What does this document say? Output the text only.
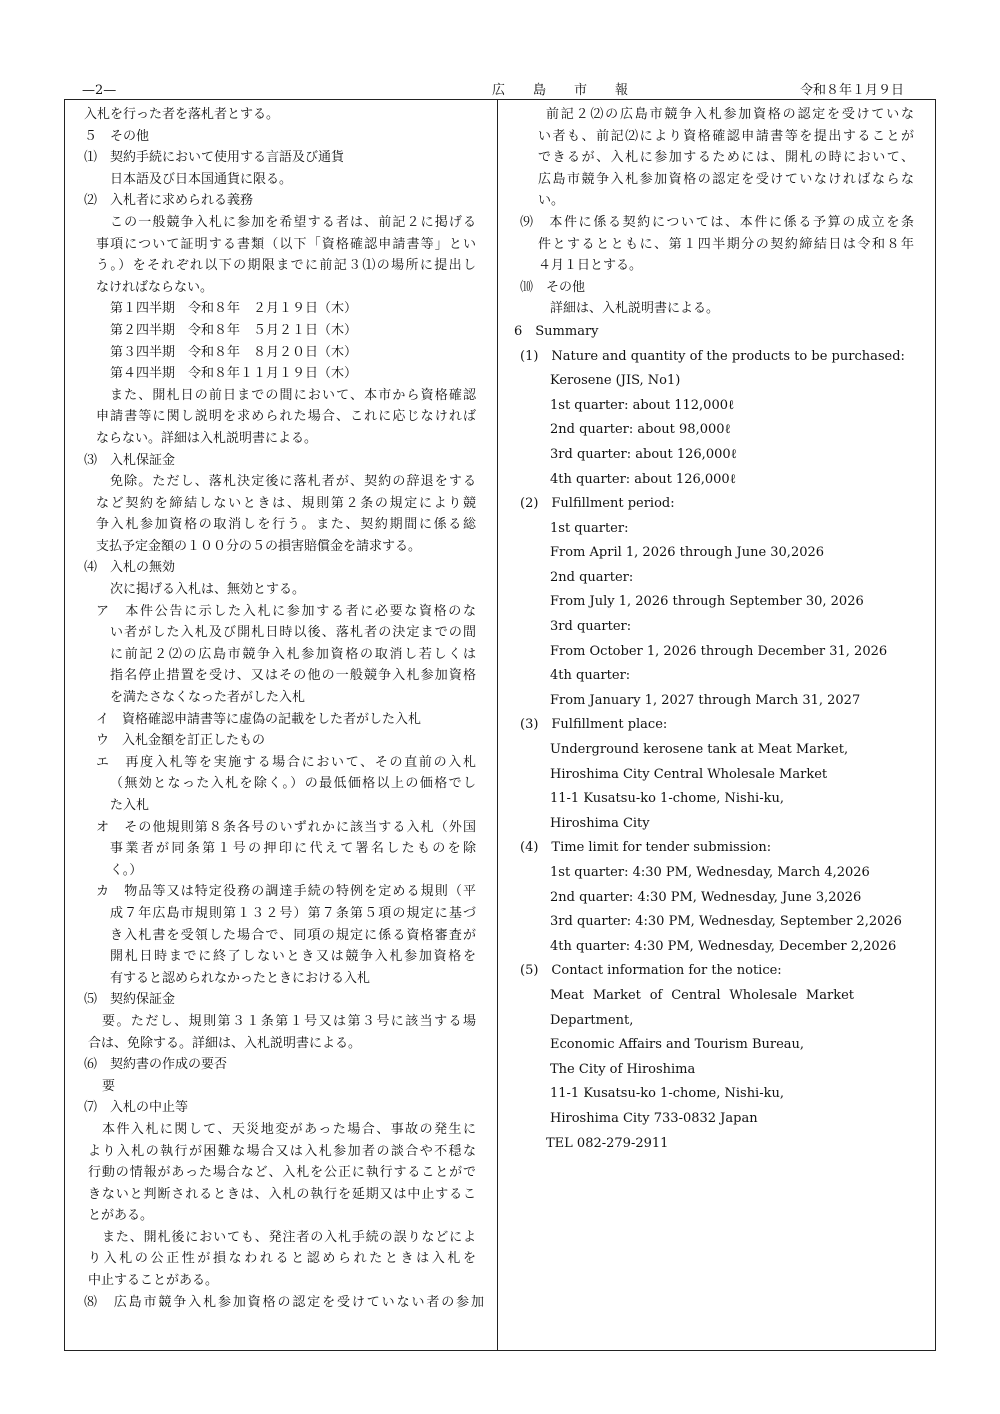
—2—	広島市報	令和８年１月９日
入札を行った者を落札者とする。
５　その他
⑴　契約手続において使用する言語及び通貨
日本語及び日本国通貨に限る。
⑵　入札者に求められる義務
この一般競争入札に参加を希望する者は、前記２に掲げる
事項について証明する書類（以下「資格確認申請書等」とい
う。）をそれぞれ以下の期限までに前記３⑴の場所に提出し
なければならない。
第１四半期　令和８年　２月１９日（木）
第２四半期　令和８年　５月２１日（木）
第３四半期　令和８年　８月２０日（木）
第４四半期　令和８年１１月１９日（木）
また、開札日の前日までの間において、本市から資格確認
申請書等に関し説明を求められた場合、これに応じなければ
ならない。詳細は入札説明書による。
⑶　入札保証金
免除。ただし、落札決定後に落札者が、契約の辞退をする
など契約を締結しないときは、規則第２条の規定により競
争入札参加資格の取消しを行う。また、契約期間に係る総
支払予定金額の１００分の５の損害賠償金を請求する。
⑷　入札の無効
次に掲げる入札は、無効とする。
ア　本件公告に示した入札に参加する者に必要な資格のな
い者がした入札及び開札日時以後、落札者の決定までの間
に前記２⑵の広島市競争入札参加資格の取消し若しくは
指名停止措置を受け、又はその他の一般競争入札参加資格
を満たさなくなった者がした入札
イ　資格確認申請書等に虚偽の記載をした者がした入札
ウ　入札金額を訂正したもの
エ　再度入札等を実施する場合において、その直前の入札
（無効となった入札を除く。）の最低価格以上の価格でし
た入札
オ　その他規則第８条各号のいずれかに該当する入札（外国
事業者が同条第１号の押印に代えて署名したものを除
く。）
カ　物品等又は特定役務の調達手続の特例を定める規則（平
成７年広島市規則第１３２号）第７条第５項の規定に基づ
き入札書を受領した場合で、同項の規定に係る資格審査が
開札日時までに終了しないとき又は競争入札参加資格を
有すると認められなかったときにおける入札
⑸　契約保証金
要。ただし、規則第３１条第１号又は第３号に該当する場
合は、免除する。詳細は、入札説明書による。
⑹　契約書の作成の要否
要
⑺　入札の中止等
本件入札に関して、天災地変があった場合、事故の発生に
より入札の執行が困難な場合又は入札参加者の談合や不穏な
行動の情報があった場合など、入札を公正に執行することがで
きないと判断されるときは、入札の執行を延期又は中止するこ
とがある。
また、開札後においても、発注者の入札手続の誤りなどによ
り入札の公正性が損なわれると認められたときは入札を
中止することがある。
⑻　広島市競争入札参加資格の認定を受けていない者の参加
前記２⑵の広島市競争入札参加資格の認定を受けていな
い者も、前記⑵により資格確認申請書等を提出することが
できるが、入札に参加するためには、開札の時において、
広島市競争入札参加資格の認定を受けていなければならな
い。
⑼　本件に係る契約については、本件に係る予算の成立を条
件とするとともに、第１四半期分の契約締結日は令和８年
４月１日とする。
⑽　その他
詳細は、入札説明書による。
6　Summary
(1)　Nature and quantity of the products to be purchased:
Kerosene (JIS, No1)
1st quarter: about 112,000ℓ
2nd quarter: about 98,000ℓ
3rd quarter: about 126,000ℓ
4th quarter: about 126,000ℓ
(2)　Fulfillment period:
1st quarter:
From April 1, 2026 through June 30,2026
2nd quarter:
From July 1, 2026 through September 30, 2026
3rd quarter:
From October 1, 2026 through December 31, 2026
4th quarter:
From January 1, 2027 through March 31, 2027
(3)　Fulfillment place:
Underground kerosene tank at Meat Market,
Hiroshima City Central Wholesale Market
11-1 Kusatsu-ko 1-chome, Nishi-ku,
Hiroshima City
(4)　Time limit for tender submission:
1st quarter: 4:30 PM, Wednesday, March 4,2026
2nd quarter: 4:30 PM, Wednesday, June 3,2026
3rd quarter: 4:30 PM, Wednesday, September 2,2026
4th quarter: 4:30 PM, Wednesday, December 2,2026
(5)　Contact information for the notice:
Meat Market of Central Wholesale Market
Department,
Economic Affairs and Tourism Bureau,
The City of Hiroshima
11-1 Kusatsu-ko 1-chome, Nishi-ku,
Hiroshima City 733-0832 Japan
TEL 082-279-2911
